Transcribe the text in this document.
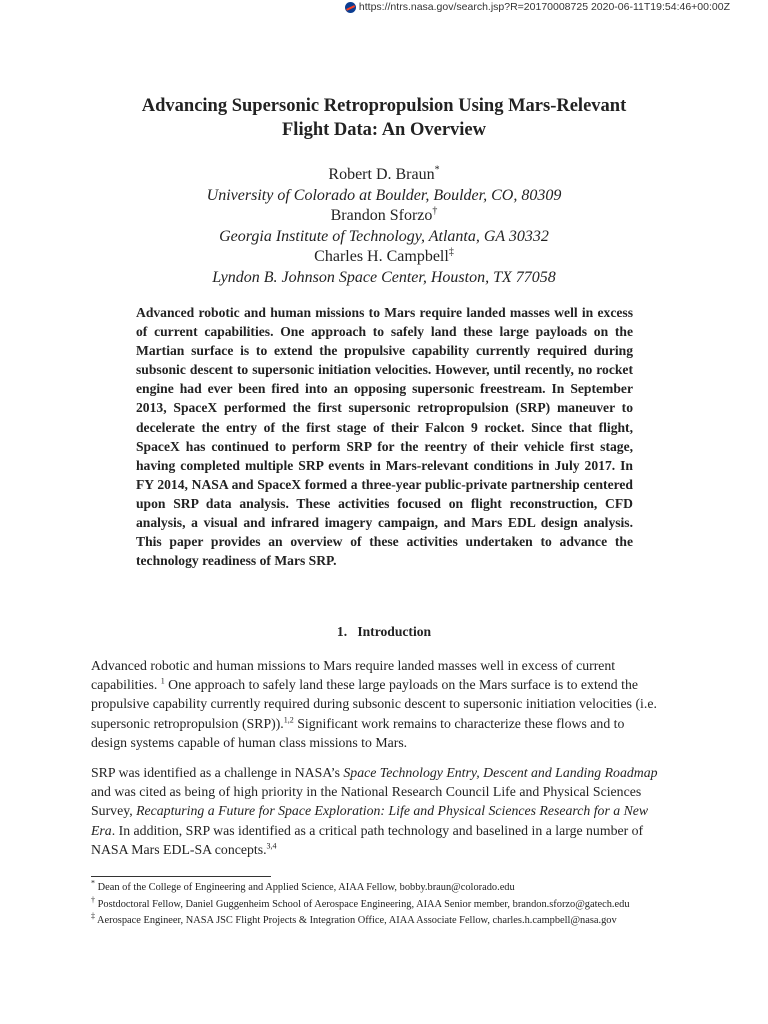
https://ntrs.nasa.gov/search.jsp?R=20170008725 2020-06-11T19:54:46+00:00Z
Advancing Supersonic Retropropulsion Using Mars-Relevant
Flight Data: An Overview
Robert D. Braun*
University of Colorado at Boulder, Boulder, CO, 80309
Brandon Sforzo†
Georgia Institute of Technology, Atlanta, GA 30332
Charles H. Campbell‡
Lyndon B. Johnson Space Center, Houston, TX 77058
Advanced robotic and human missions to Mars require landed masses well in excess of current capabilities. One approach to safely land these large payloads on the Martian surface is to extend the propulsive capability currently required during subsonic descent to supersonic initiation velocities. However, until recently, no rocket engine had ever been fired into an opposing supersonic freestream. In September 2013, SpaceX performed the first supersonic retropropulsion (SRP) maneuver to decelerate the entry of the first stage of their Falcon 9 rocket. Since that flight, SpaceX has continued to perform SRP for the reentry of their vehicle first stage, having completed multiple SRP events in Mars-relevant conditions in July 2017. In FY 2014, NASA and SpaceX formed a three-year public-private partnership centered upon SRP data analysis. These activities focused on flight reconstruction, CFD analysis, a visual and infrared imagery campaign, and Mars EDL design analysis. This paper provides an overview of these activities undertaken to advance the technology readiness of Mars SRP.
1. Introduction
Advanced robotic and human missions to Mars require landed masses well in excess of current capabilities. $^1$ One approach to safely land these large payloads on the Mars surface is to extend the propulsive capability currently required during subsonic descent to supersonic initiation velocities (i.e. supersonic retropropulsion (SRP)).$^{1,2}$ Significant work remains to characterize these flows and to design systems capable of human class missions to Mars.
SRP was identified as a challenge in NASA’s Space Technology Entry, Descent and Landing Roadmap and was cited as being of high priority in the National Research Council Life and Physical Sciences Survey, Recapturing a Future for Space Exploration: Life and Physical Sciences Research for a New Era. In addition, SRP was identified as a critical path technology and baselined in a large number of NASA Mars EDL-SA concepts.$^{3,4}$
* Dean of the College of Engineering and Applied Science, AIAA Fellow, bobby.braun@colorado.edu
† Postdoctoral Fellow, Daniel Guggenheim School of Aerospace Engineering, AIAA Senior member, brandon.sforzo@gatech.edu
‡ Aerospace Engineer, NASA JSC Flight Projects & Integration Office, AIAA Associate Fellow, charles.h.campbell@nasa.gov
